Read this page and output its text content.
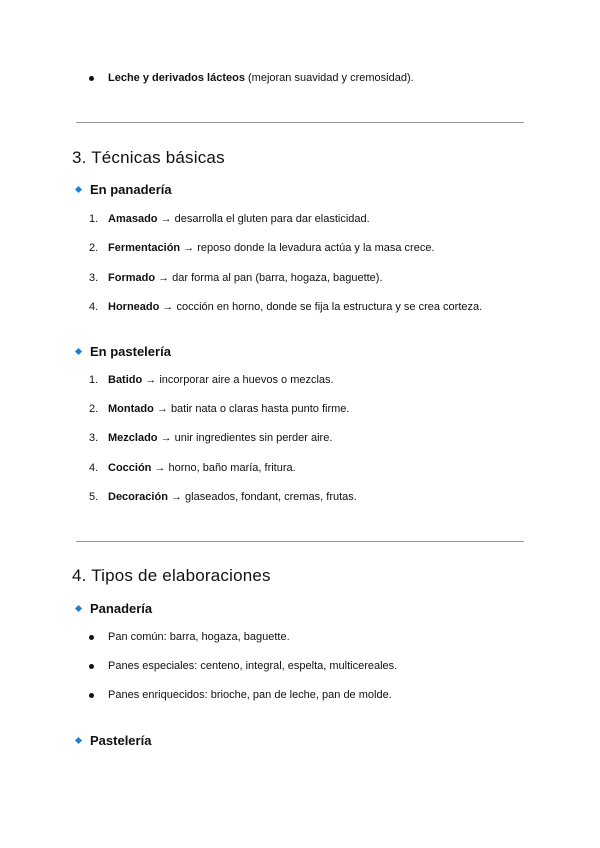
Leche y derivados lácteos (mejoran suavidad y cremosidad).
3. Técnicas básicas
En panadería
1. Amasado → desarrolla el gluten para dar elasticidad.
2. Fermentación → reposo donde la levadura actúa y la masa crece.
3. Formado → dar forma al pan (barra, hogaza, baguette).
4. Horneado → cocción en horno, donde se fija la estructura y se crea corteza.
En pastelería
1. Batido → incorporar aire a huevos o mezclas.
2. Montado → batir nata o claras hasta punto firme.
3. Mezclado → unir ingredientes sin perder aire.
4. Cocción → horno, baño maría, fritura.
5. Decoración → glaseados, fondant, cremas, frutas.
4. Tipos de elaboraciones
Panadería
Pan común: barra, hogaza, baguette.
Panes especiales: centeno, integral, espelta, multicereales.
Panes enriquecidos: brioche, pan de leche, pan de molde.
Pastelería
